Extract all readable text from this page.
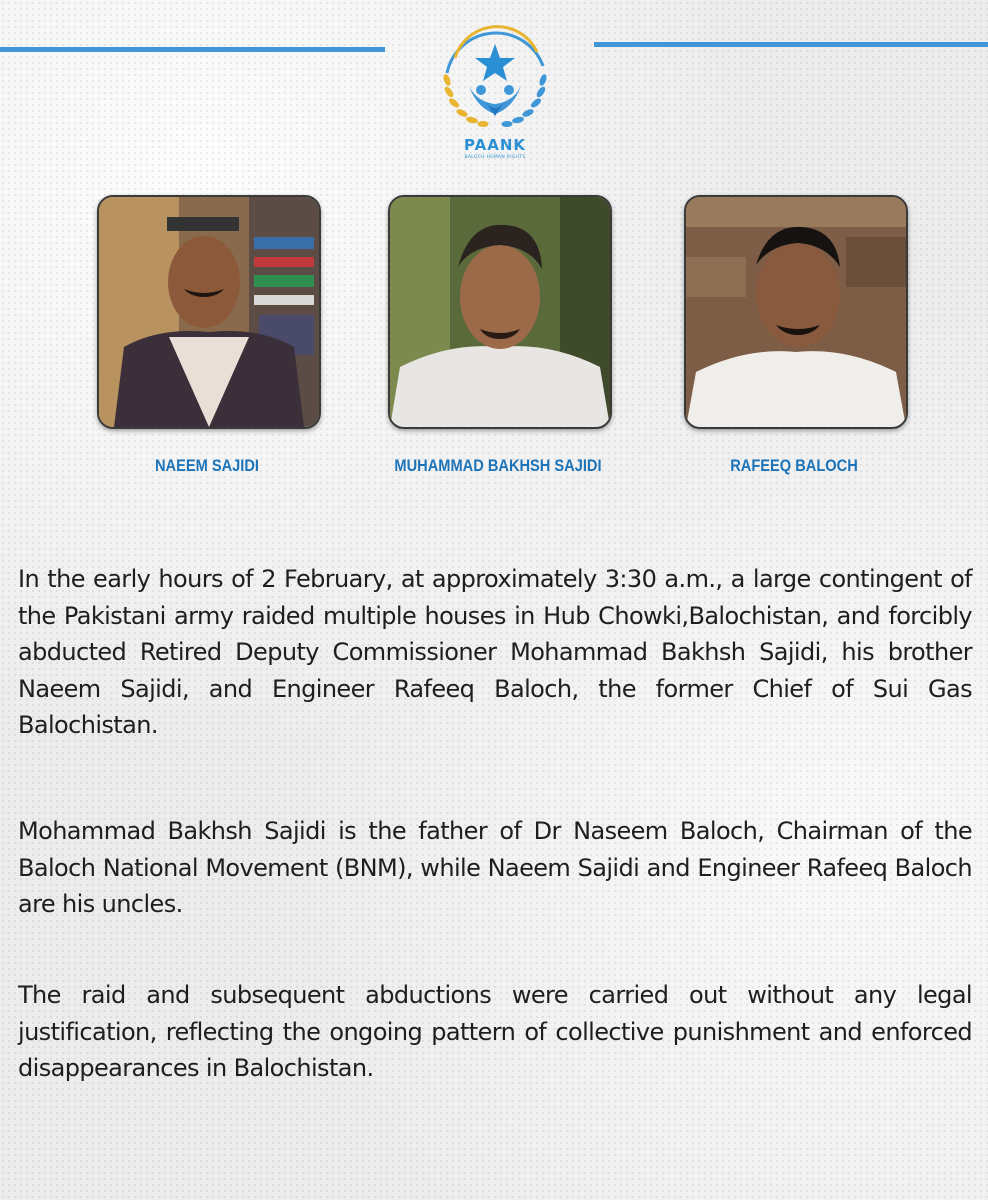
PAANK
BALOCH HUMAN RIGHTS
NAEEM SAJIDI	MUHAMMAD BAKHSH SAJIDI	RAFEEQ BALOCH

In the early hours of 2 February, at approximately 3:30 a.m., a large contingent of the Pakistani army raided multiple houses in Hub Chowki,Balochistan, and forcibly abducted Retired Deputy Commissioner Mohammad Bakhsh Sajidi, his brother Naeem Sajidi, and Engineer Rafeeq Baloch, the former Chief of Sui Gas Balochistan.

Mohammad Bakhsh Sajidi is the father of Dr Naseem Baloch, Chairman of the Baloch National Movement (BNM), while Naeem Sajidi and Engineer Rafeeq Baloch are his uncles.

The raid and subsequent abductions were carried out without any legal justification, reflecting the ongoing pattern of collective punishment and enforced disappearances in Balochistan.
